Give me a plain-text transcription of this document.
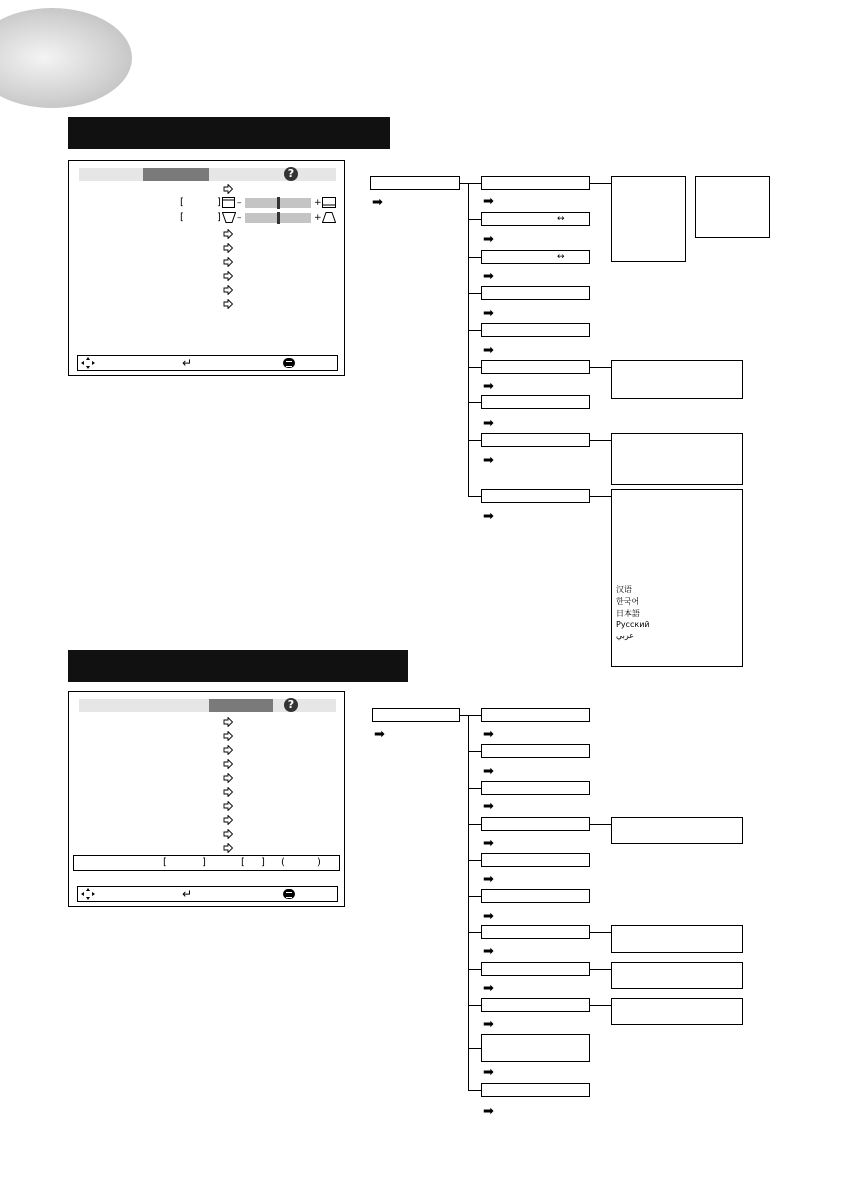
?
[	] –	+
[	] –	+
↵
➡	➡
↔
➡
↔
➡
➡
➡
➡
➡
➡
➡
汉语
한국어
日本語
Русский
عربي
?
[	]	[ ] (	)
↵
➡	➡
➡
➡
➡
➡
➡
➡
➡
➡
➡
➡
